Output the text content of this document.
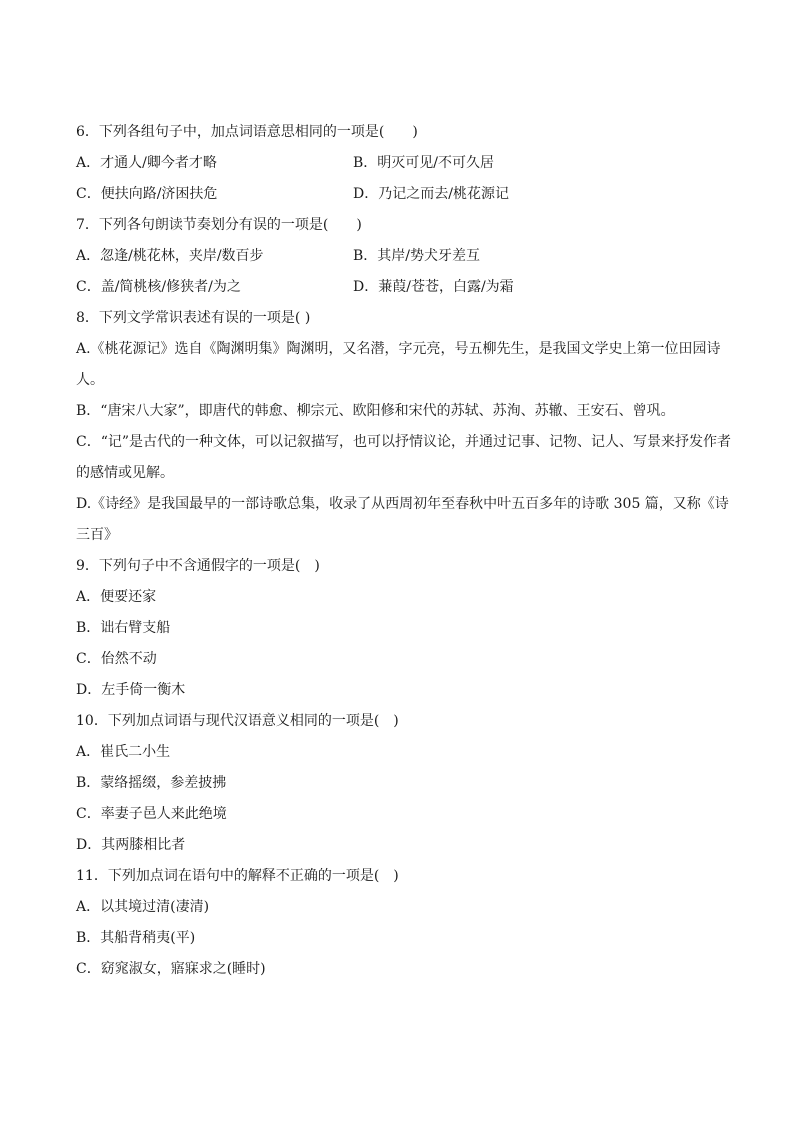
6．下列各组句子中，加点词语意思相同的一项是(　　)
A．才通人/卿今者才略	B．明灭可见/不可久居
C．便扶向路/济困扶危	D．乃记之而去/桃花源记
7．下列各句朗读节奏划分有误的一项是(　　)
A．忽逢/桃花林，夹岸/数百步	B．其岸/势犬牙差互
C．盖/简桃核/修狭者/为之	D．蒹葭/苍苍，白露/为霜
8．下列文学常识表述有误的一项是( )
A.《桃花源记》选自《陶渊明集》陶渊明，又名潜，字元亮，号五柳先生，是我国文学史上第一位田园诗人。
B．“唐宋八大家”，即唐代的韩愈、柳宗元、欧阳修和宋代的苏轼、苏洵、苏辙、王安石、曾巩。
C．“记”是古代的一种文体，可以记叙描写，也可以抒情议论，并通过记事、记物、记人、写景来抒发作者的感情或见解。
D.《诗经》是我国最早的一部诗歌总集，收录了从西周初年至春秋中叶五百多年的诗歌 305 篇，又称《诗三百》
9．下列句子中不含通假字的一项是(　)
A．便要还家
B．诎右臂支船
C．佁然不动
D．左手倚一衡木
10．下列加点词语与现代汉语意义相同的一项是(　)
A．崔氏二小生
B．蒙络摇缀，参差披拂
C．率妻子邑人来此绝境
D．其两膝相比者
11．下列加点词在语句中的解释不正确的一项是(　)
A．以其境过清(凄清)
B．其船背稍夷(平)
C．窈窕淑女，寤寐求之(睡时)
